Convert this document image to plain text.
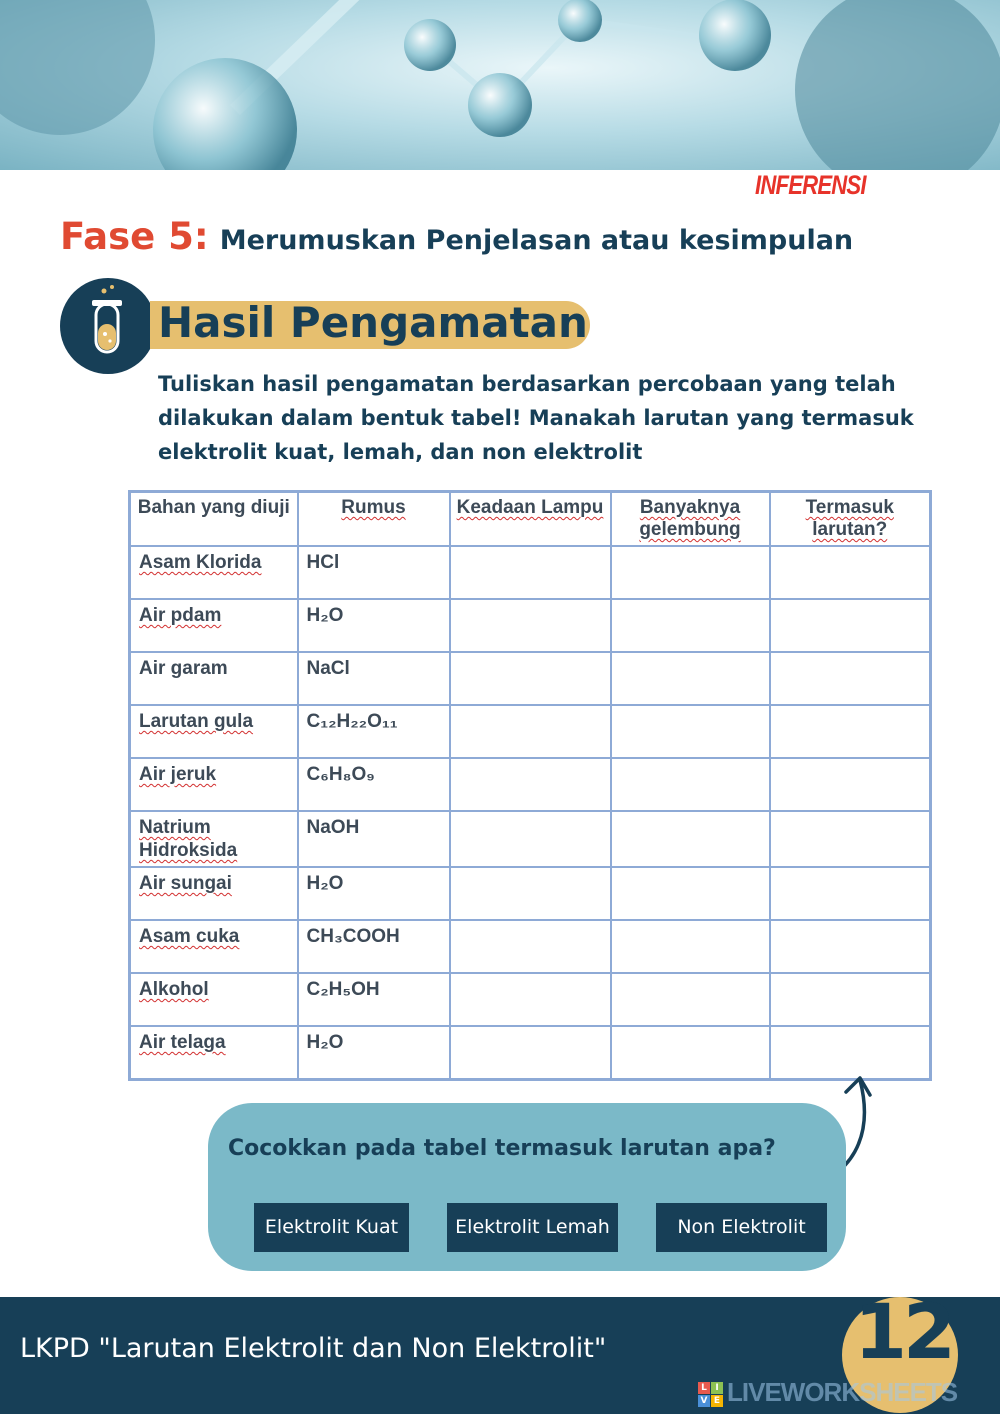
INFERENSI
Fase 5: Merumuskan Penjelasan atau kesimpulan
Hasil Pengamatan
Tuliskan hasil pengamatan berdasarkan percobaan yang telah dilakukan dalam bentuk tabel! Manakah larutan yang termasuk elektrolit kuat, lemah, dan non elektrolit
Bahan yang diuji	Rumus	Keadaan Lampu	Banyaknya gelembung	Termasuk larutan?
Asam Klorida	HCl			
Air pdam	H₂O			
Air garam	NaCl			
Larutan gula	C₁₂H₂₂O₁₁			
Air jeruk	C₆H₈O₉			
Natrium Hidroksida	NaOH			
Air sungai	H₂O			
Asam cuka	CH₃COOH			
Alkohol	C₂H₅OH			
Air telaga	H₂O			
Cocokkan pada tabel termasuk larutan apa?
Elektrolit Kuat	Elektrolit Lemah	Non Elektrolit
LKPD "Larutan Elektrolit dan Non Elektrolit"	12
L I
V E LIVEWORKSHEETS
